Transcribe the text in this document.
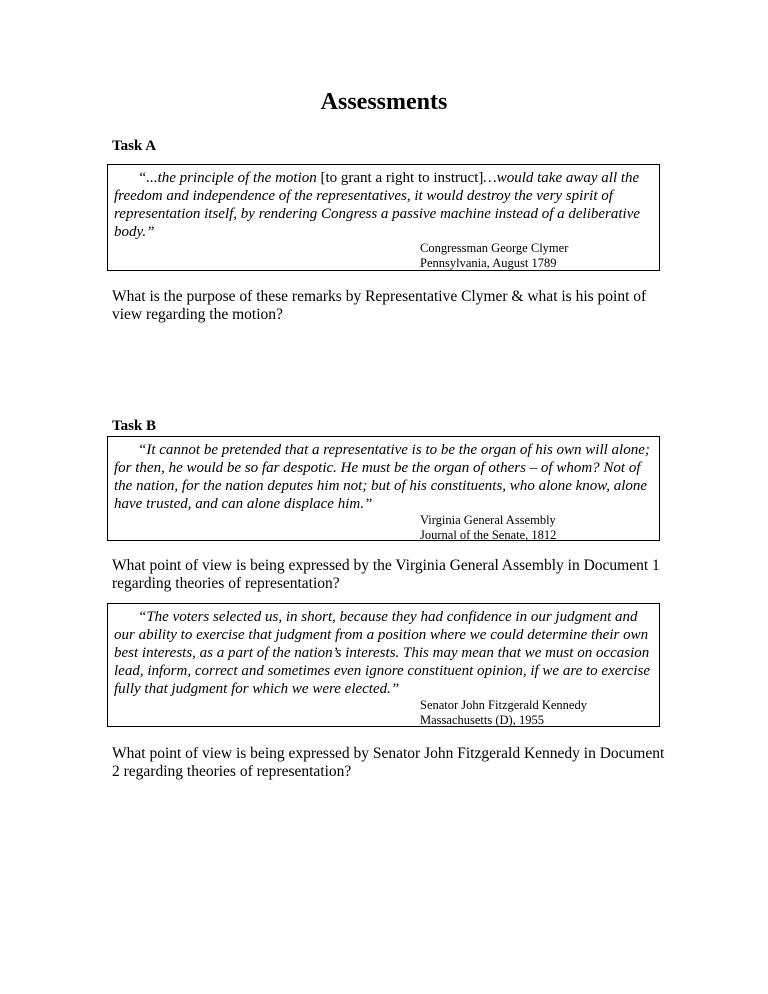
Assessments
Task A

“...the principle of the motion [to grant a right to instruct]…would take away all the freedom and independence of the representatives, it would destroy the very spirit of representation itself, by rendering Congress a passive machine instead of a deliberative body.”

Congressman George Clymer
Pennsylvania, August 1789

What is the purpose of these remarks by Representative Clymer & what is his point of view regarding the motion?

Task B

“It cannot be pretended that a representative is to be the organ of his own will alone; for then, he would be so far despotic. He must be the organ of others – of whom? Not of the nation, for the nation deputes him not; but of his constituents, who alone know, alone have trusted, and can alone displace him.”

Virginia General Assembly
Journal of the Senate, 1812

What point of view is being expressed by the Virginia General Assembly in Document 1 regarding theories of representation?

“The voters selected us, in short, because they had confidence in our judgment and our ability to exercise that judgment from a position where we could determine their own best interests, as a part of the nation’s interests. This may mean that we must on occasion lead, inform, correct and sometimes even ignore constituent opinion, if we are to exercise fully that judgment for which we were elected.”

Senator John Fitzgerald Kennedy
Massachusetts (D), 1955

What point of view is being expressed by Senator John Fitzgerald Kennedy in Document 2 regarding theories of representation?
